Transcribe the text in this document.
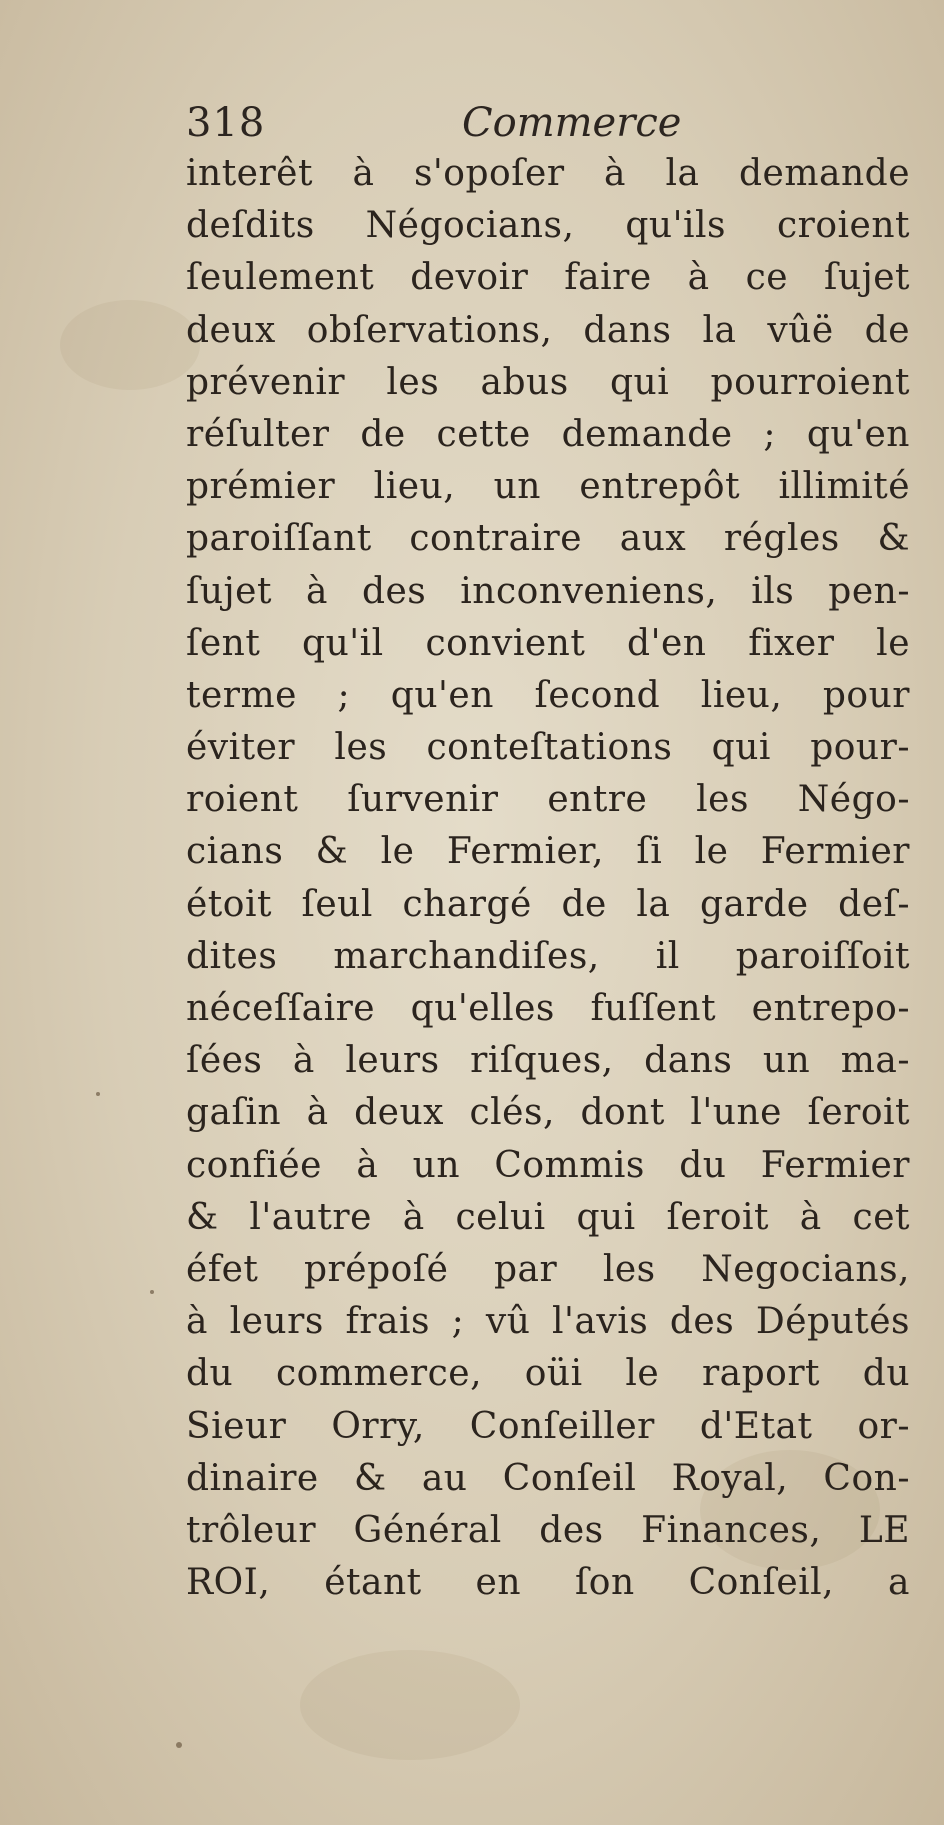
318	Commerce
interêt à s'opoſer à la demande
deſdits Négocians, qu'ils croient
ſeulement devoir faire à ce ſujet
deux obſervations, dans la vûë de
prévenir les abus qui pourroient
réſulter de cette demande ; qu'en
prémier lieu, un entrepôt illimité
paroiſſant contraire aux régles &
ſujet à des inconveniens, ils pen-
ſent qu'il convient d'en fixer le
terme ; qu'en ſecond lieu, pour
éviter les conteſtations qui pour-
roient ſurvenir entre les Négo-
cians & le Fermier, ſi le Fermier
étoit ſeul chargé de la garde deſ-
dites marchandiſes, il paroiſſoit
néceſſaire qu'elles fuſſent entrepo-
ſées à leurs riſques, dans un ma-
gaſin à deux clés, dont l'une ſeroit
confiée à un Commis du Fermier
& l'autre à celui qui ſeroit à cet
éfet prépoſé par les Negocians,
à leurs frais ; vû l'avis des Députés
du commerce, oüi le raport du
Sieur Orry, Conſeiller d'Etat or-
dinaire & au Conſeil Royal, Con-
trôleur Général des Finances, LE
ROI, étant en ſon Conſeil, a
